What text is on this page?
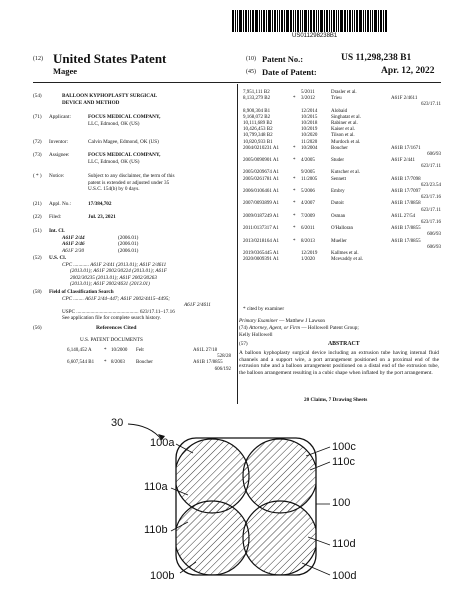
US011298238B1
(12) United States Patent
Magee
(10) Patent No.:	US 11,298,238 B1
(45) Date of Patent:	Apr. 12, 2022
(54)	BALLOON KYPHOPLASTY SURGICAL
DEVICE AND METHOD
(71) Applicant:	FOCUS MEDICAL COMPANY,
LLC, Edmond, OK (US)
(72) Inventor:	Calvin Magee, Edmond, OK (US)
(73) Assignee:	FOCUS MEDICAL COMPANY,
LLC, Edmond, OK (US)
( * ) Notice:	Subject to any disclaimer, the term of this
patent is extended or adjusted under 35
U.S.C. 154(b) by 0 days.
(21) Appl. No.:	17/384,702
(22) Filed:	Jul. 23, 2021
(51) Int. Cl.
A61F 2/44	(2006.01)
A61F 2/46	(2006.01)
A61F 2/30	(2006.01)
(52) U.S. Cl.
CPC ............ A61F 2/441 (2013.01); A61F 2/4611
(2013.01); A61F 2002/30224 (2013.01); A61F
2002/30235 (2013.01); A61F 2002/30263
(2013.01); A61F 2002/4631 (2013.01)
(58) Field of Classification Search
CPC ........ A61F 2/44–447; A61F 2002/4415–4495;
A61F 2/4611
USPC ................................................ 623/17.11–17.16
See application file for complete search history.
(56)	References Cited
U.S. PATENT DOCUMENTS
6,140,452 A * 10/2000 Felt	A61L 27/18
528/28
6,607,544 B1 * 8/2003 Boucher	A61B 17/8855
606/192
7,951,111 B2	5/2011	Drasler et al.
8,133,279 B2	* 3/2012	Trieu	A61F 2/4611
623/17.11
8,900,304 B1	12/2014	Alobaid
9,168,072 B2	10/2015	Singhatat et al.
10,111,689 B2	10/2018	Rabiner et al.
10,426,453 B2	10/2019	Kaiser et al.
10,799,348 B2	10/2020	Tilson et al.
10,820,933 B1	11/2020	Murdoch et al.
2004/0210231 A1	* 10/2004	Boucher	A61B 17/1671
606/93
2005/0090901 A1	* 4/2005	Studer	A61F 2/441
623/17.11
2005/0209674 A1	9/2005	Kutscher et al.
2005/0261781 A1	* 11/2005	Sennett	A61B 17/7098
623/23.54
2006/0106461 A1	* 5/2006	Embry	A61B 17/7097
623/17.16
2007/0093899 A1	* 4/2007	Dutoit	A61B 17/8858
623/17.11
2009/0187249 A1	* 7/2009	Osman	A61L 27/54
623/17.16
2011/0137317 A1	* 6/2011	O'Halloran	A61B 17/8855
606/93
2013/0218164 A1	* 8/2013	Mueller	A61B 17/8855
606/93
2019/0365445 A1	12/2019	Kallmes et al.
2020/0009391 A1	1/2020	Mcevaddy et al.
* cited by examiner
Primary Examiner — Matthew J Lawson
(74) Attorney, Agent, or Firm — Hollowell Patent Group;
Kelly Hollowell
(57)	ABSTRACT
A balloon kyphoplasty surgical device including an extrusion tube having internal fluid channels and a support wire, a port arrangement positioned on a proximal end of the extrusion tube and a balloon arrangement positioned on a distal end of the extrusion tube, the balloon arrangement resulting in a cubic shape when inflated by the port arrangement.
20 Claims, 7 Drawing Sheets
30
100a	100c
110c
110a
100
110b
110d
100b	100d
